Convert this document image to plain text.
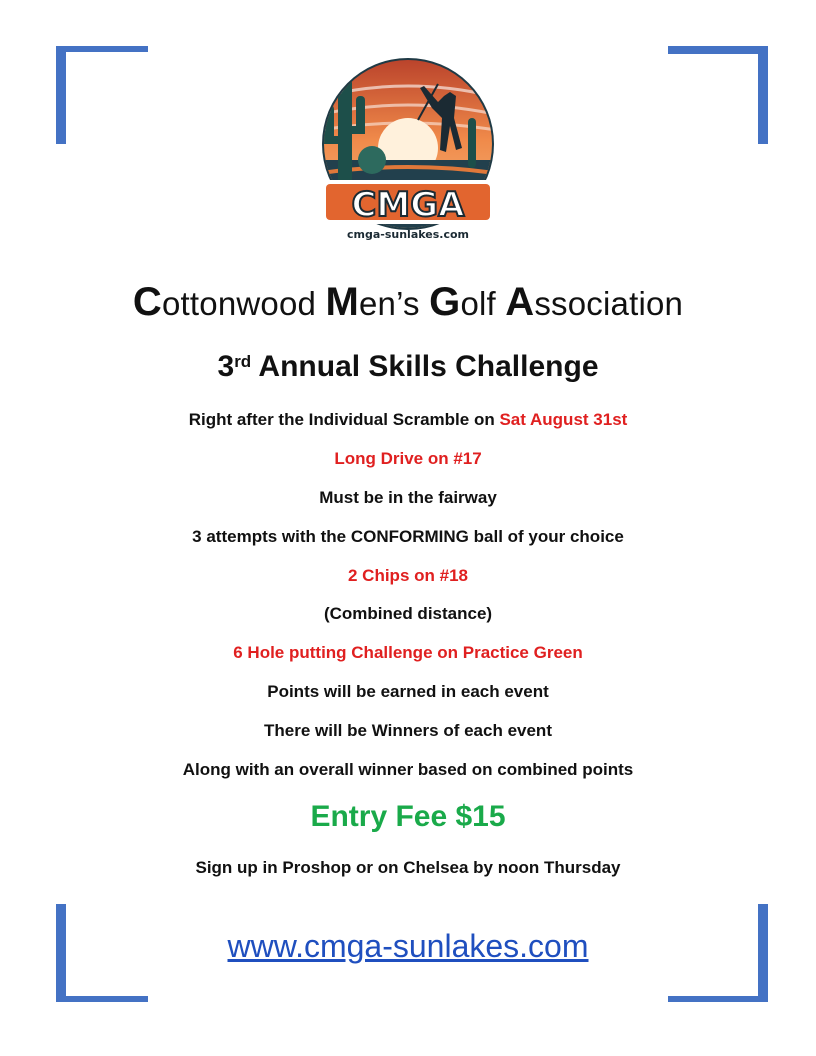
CMGA
cmga-sunlakes.com
Cottonwood Men’s Golf Association
3rd Annual Skills Challenge
Right after the Individual Scramble on Sat August 31st
Long Drive on #17
Must be in the fairway
3 attempts with the CONFORMING ball of your choice
2 Chips on #18
(Combined distance)
6 Hole putting Challenge on Practice Green
Points will be earned in each event
There will be Winners of each event
Along with an overall winner based on combined points
Entry Fee $15
Sign up in Proshop or on Chelsea by noon Thursday
www.cmga-sunlakes.com
